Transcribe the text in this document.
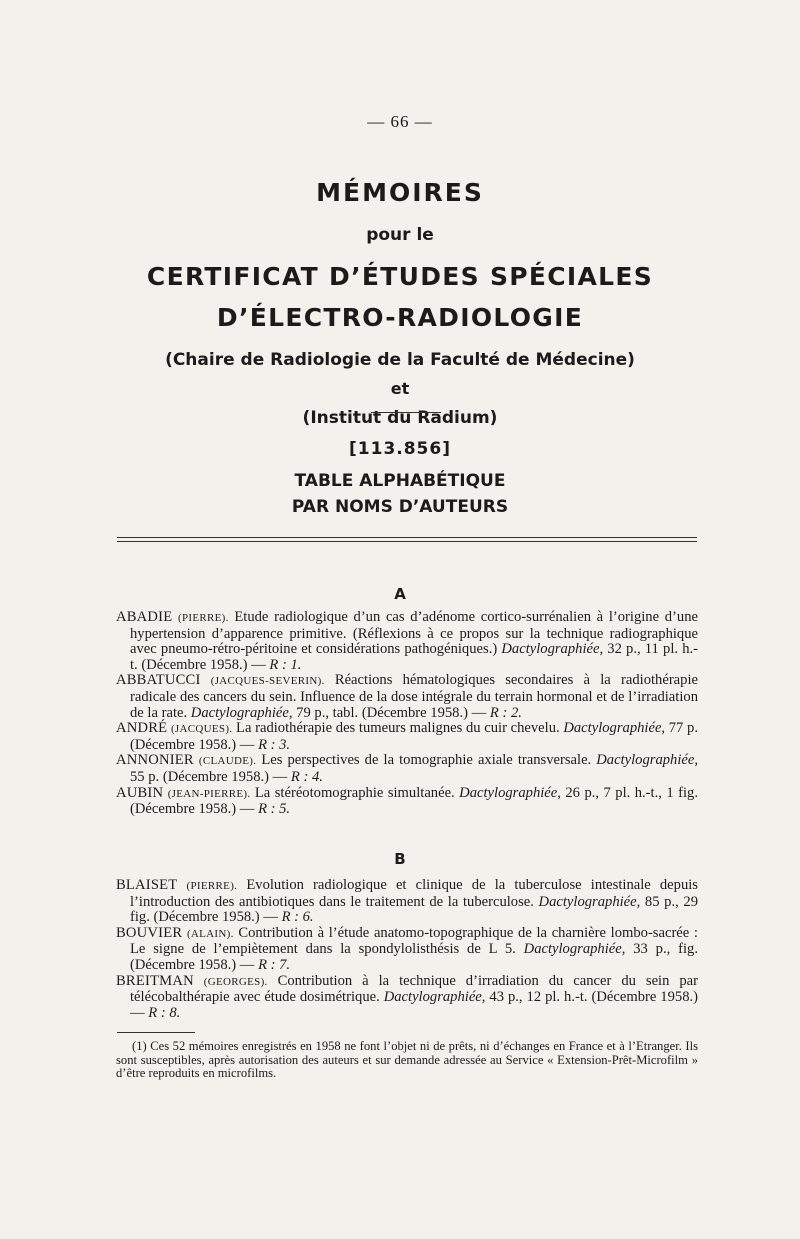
— 66 —
MÉMOIRES
pour le
CERTIFICAT D’ÉTUDES SPÉCIALES
D’ÉLECTRO-RADIOLOGIE
(Chaire de Radiologie de la Faculté de Médecine)
et
(Institut du Radium)
[113.856]
TABLE ALPHABÉTIQUE
PAR NOMS D’AUTEURS
A
ABADIE (PIERRE). Etude radiologique d’un cas d’adénome cortico-surrénalien à l’origine d’une hypertension d’apparence primitive. (Réflexions à ce propos sur la technique radiographique avec pneumo-rétro-péritoine et considérations pathogéniques.) Dactylographiée, 32 p., 11 pl. h.-t. (Décembre 1958.) — R : 1.
ABBATUCCI (JACQUES-SEVERIN). Réactions hématologiques secondaires à la radiothérapie radicale des cancers du sein. Influence de la dose intégrale du terrain hormonal et de l’irradiation de la rate. Dactylographiée, 79 p., tabl. (Décembre 1958.) — R : 2.
ANDRÉ (JACQUES). La radiothérapie des tumeurs malignes du cuir chevelu. Dactylographiée, 77 p. (Décembre 1958.) — R : 3.
ANNONIER (CLAUDE). Les perspectives de la tomographie axiale transversale. Dactylographiée, 55 p. (Décembre 1958.) — R : 4.
AUBIN (JEAN-PIERRE). La stéréotomographie simultanée. Dactylographiée, 26 p., 7 pl. h.-t., 1 fig. (Décembre 1958.) — R : 5.
B
BLAISET (PIERRE). Evolution radiologique et clinique de la tuberculose intestinale depuis l’introduction des antibiotiques dans le traitement de la tuberculose. Dactylographiée, 85 p., 29 fig. (Décembre 1958.) — R : 6.
BOUVIER (ALAIN). Contribution à l’étude anatomo-topographique de la charnière lombo-sacrée : Le signe de l’empiètement dans la spondylolisthésis de L 5. Dactylographiée, 33 p., fig. (Décembre 1958.) — R : 7.
BREITMAN (GEORGES). Contribution à la technique d’irradiation du cancer du sein par télécobalthérapie avec étude dosimétrique. Dactylographiée, 43 p., 12 pl. h.-t. (Décembre 1958.) — R : 8.
(1) Ces 52 mémoires enregistrés en 1958 ne font l’objet ni de prêts, ni d’échanges en France et à l’Etranger. Ils sont susceptibles, après autorisation des auteurs et sur demande adressée au Service « Extension-Prêt-Microfilm » d’être reproduits en microfilms.
